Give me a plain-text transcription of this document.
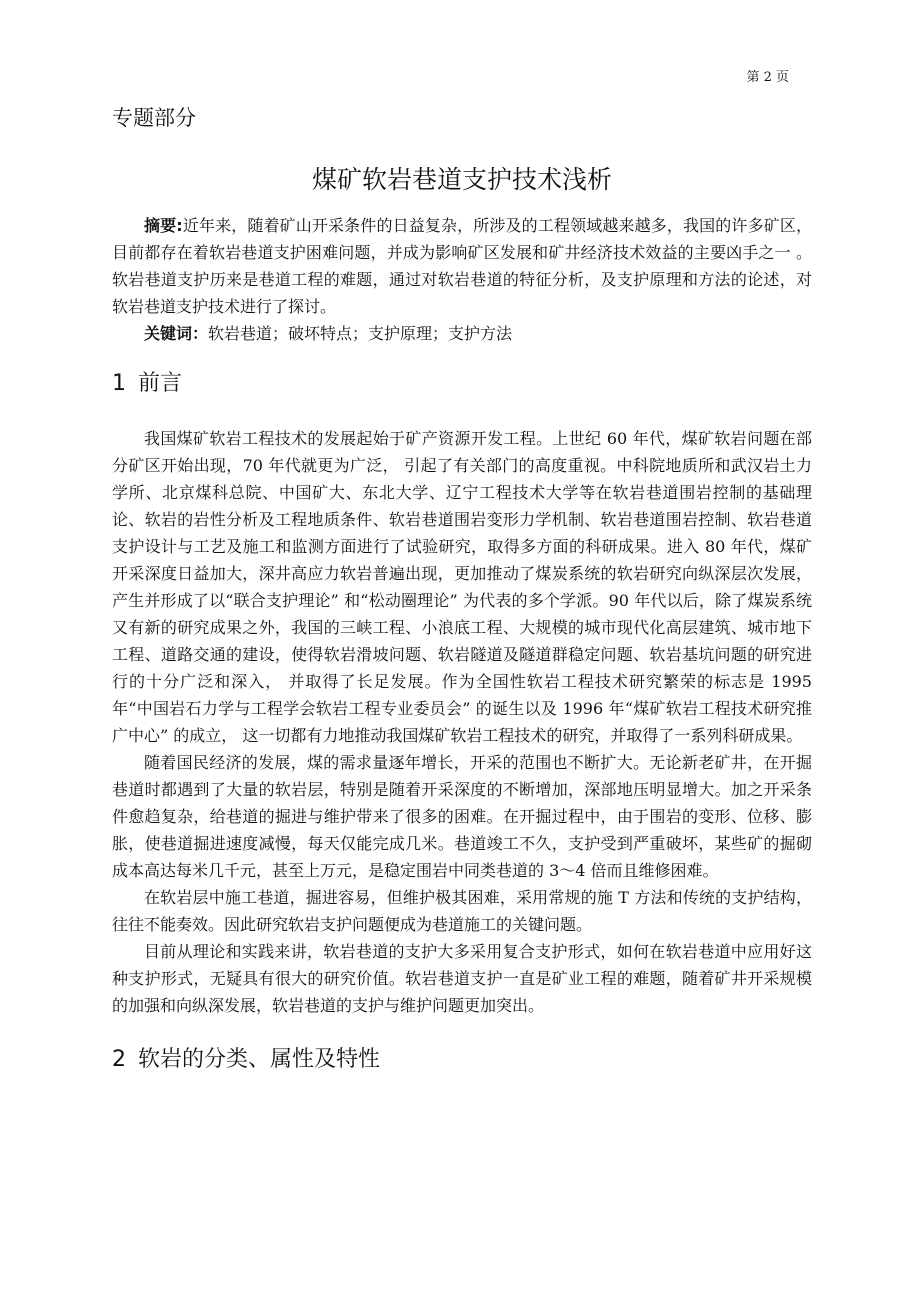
第 2 页
专题部分
煤矿软岩巷道支护技术浅析

摘要:近年来，随着矿山开采条件的日益复杂，所涉及的工程领域越来越多，我国的许多矿区，目前都存在着软岩巷道支护困难问题，并成为影响矿区发展和矿井经济技术效益的主要凶手之一 。软岩巷道支护历来是巷道工程的难题，通过对软岩巷道的特征分析，及支护原理和方法的论述，对软岩巷道支护技术进行了探讨。

关键词：软岩巷道；破坏特点；支护原理；支护方法

1 前言

我国煤矿软岩工程技术的发展起始于矿产资源开发工程。上世纪 60 年代，煤矿软岩问题在部分矿区开始出现，70 年代就更为广泛， 引起了有关部门的高度重视。中科院地质所和武汉岩土力学所、北京煤科总院、中国矿大、东北大学、辽宁工程技术大学等在软岩巷道围岩控制的基础理论、软岩的岩性分析及工程地质条件、软岩巷道围岩变形力学机制、软岩巷道围岩控制、软岩巷道支护设计与工艺及施工和监测方面进行了试验研究，取得多方面的科研成果。进入 80 年代，煤矿开采深度日益加大，深井高应力软岩普遍出现，更加推动了煤炭系统的软岩研究向纵深层次发展，产生并形成了以“联合支护理论” 和“松动圈理论” 为代表的多个学派。90 年代以后，除了煤炭系统又有新的研究成果之外，我国的三峡工程、小浪底工程、大规模的城市现代化高层建筑、城市地下工程、道路交通的建设，使得软岩滑坡问题、软岩隧道及隧道群稳定问题、软岩基坑问题的研究进行的十分广泛和深入， 并取得了长足发展。作为全国性软岩工程技术研究繁荣的标志是 1995 年“中国岩石力学与工程学会软岩工程专业委员会” 的诞生以及 1996 年“煤矿软岩工程技术研究推广中心” 的成立， 这一切都有力地推动我国煤矿软岩工程技术的研究，并取得了一系列科研成果。

随着国民经济的发展，煤的需求量逐年增长，开采的范围也不断扩大。无论新老矿井，在开掘巷道时都遇到了大量的软岩层，特别是随着开采深度的不断增加，深部地压明显增大。加之开采条件愈趋复杂，给巷道的掘进与维护带来了很多的困难。在开掘过程中，由于围岩的变形、位移、膨胀，使巷道掘进速度减慢，每天仅能完成几米。巷道竣工不久，支护受到严重破坏，某些矿的掘砌成本高达每米几千元，甚至上万元，是稳定围岩中同类巷道的 3～4 倍而且维修困难。

在软岩层中施工巷道，掘进容易，但维护极其困难，采用常规的施 T 方法和传统的支护结构，往往不能奏效。因此研究软岩支护问题便成为巷道施工的关键问题。

目前从理论和实践来讲，软岩巷道的支护大多采用复合支护形式，如何在软岩巷道中应用好这种支护形式，无疑具有很大的研究价值。软岩巷道支护一直是矿业工程的难题，随着矿井开采规模的加强和向纵深发展，软岩巷道的支护与维护问题更加突出。

2 软岩的分类、属性及特性
